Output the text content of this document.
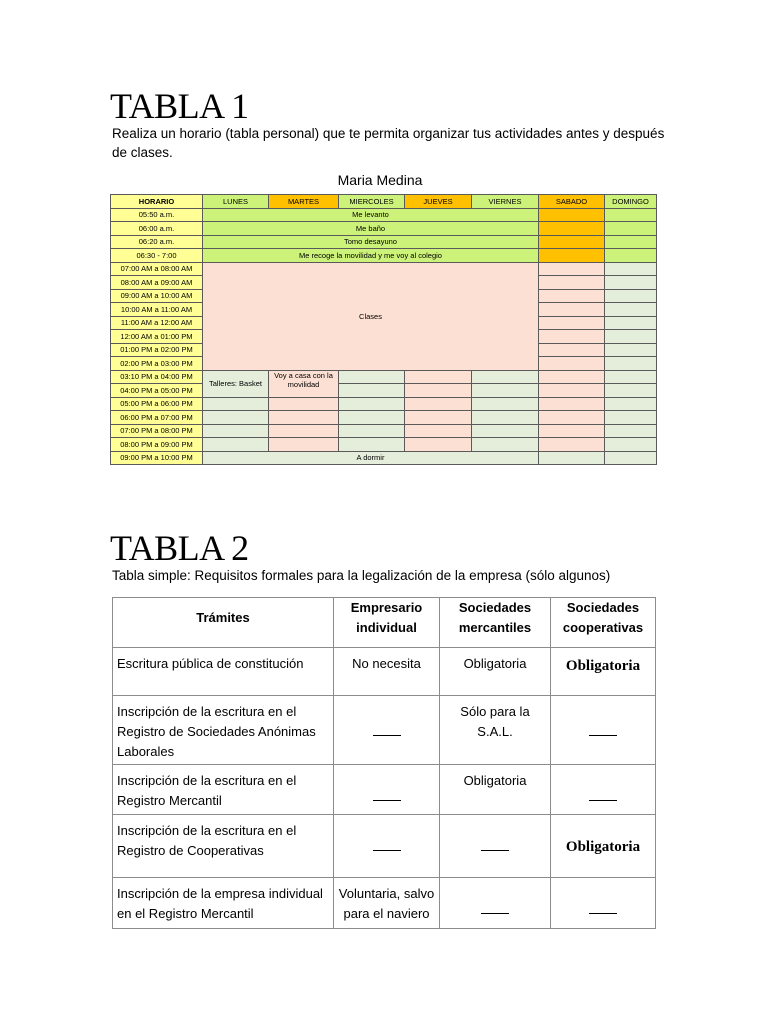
TABLA 1
Realiza un horario (tabla personal) que te permita organizar tus actividades antes y después de clases.
Maria Medina
HORARIO	LUNES	MARTES	MIERCOLES	JUEVES	VIERNES	SABADO	DOMINGO
05:50 a.m.	Me levanto						
06:00 a.m.	Me baño						
06:20 a.m.	Tomo desayuno						
06:30 - 7:00	Me recoge la movilidad y me voy al colegio						
07:00 AM a 08:00 AM	Clases						
08:00 AM a 09:00 AM							
09:00 AM a 10:00 AM							
10:00 AM a 11:00 AM							
11:00 AM a 12:00 AM							
12:00 AM a 01:00 PM							
01:00 PM a 02:00 PM							
02:00 PM a 03:00 PM							
03:10 PM a 04:00 PM	Talleres: Basket	Voy a casa con la movilidad					
04:00 PM a 05:00 PM							
05:00 PM a 06:00 PM							
06:00 PM a 07:00 PM							
07:00 PM a 08:00 PM							
08:00 PM a 09:00 PM							
09:00 PM a 10:00 PM	A dormir						
TABLA 2
Tabla simple: Requisitos formales para la legalización de la empresa (sólo algunos)
Trámites	Empresario individual	Sociedades mercantiles	Sociedades cooperativas
Escritura pública de constitución	No necesita	Obligatoria	Obligatoria
Inscripción de la escritura en el Registro de Sociedades Anónimas Laborales		Sólo para la S.A.L.	
Inscripción de la escritura en el Registro Mercantil		Obligatoria	
Inscripción de la escritura en el Registro de Cooperativas			Obligatoria
Inscripción de la empresa individual en el Registro Mercantil	Voluntaria, salvo para el naviero		
